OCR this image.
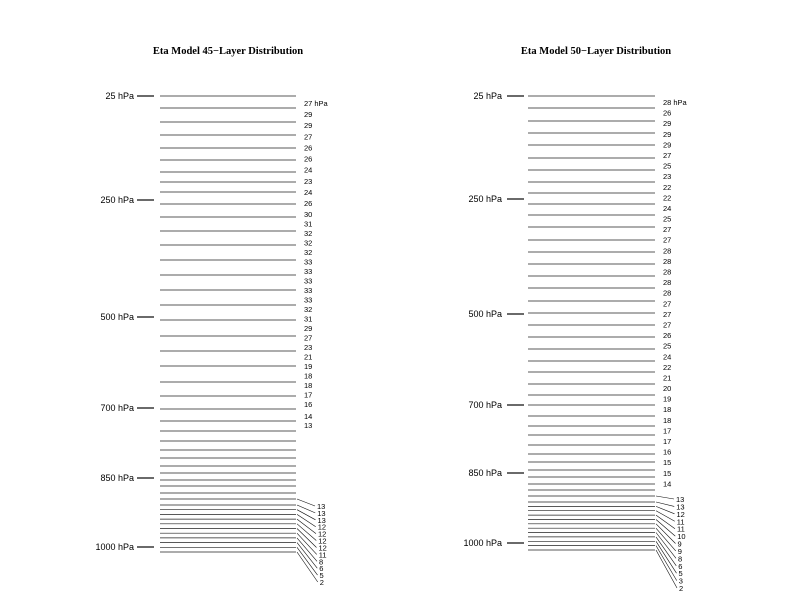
Eta Model 45−Layer Distribution
25 hPa
250 hPa
500 hPa
700 hPa
850 hPa
1000 hPa
27 hPa
29
29
27
26
26
24
23
24
26
30
31
32
32
32
33
33
33
33
33
32
31
29
27
23
21
19
18
18
17
16
14
13
13
13
13
12
12
12
12
11
8
6
5
2
Eta Model 50−Layer Distribution
25 hPa
250 hPa
500 hPa
700 hPa
850 hPa
1000 hPa
28 hPa
26
29
29
29
27
25
23
22
22
24
25
27
27
28
28
28
28
28
27
27
27
26
25
24
22
21
20
19
18
18
17
17
16
15
15
14
13
13
12
11
11
10
9
9
8
6
5
3
2
